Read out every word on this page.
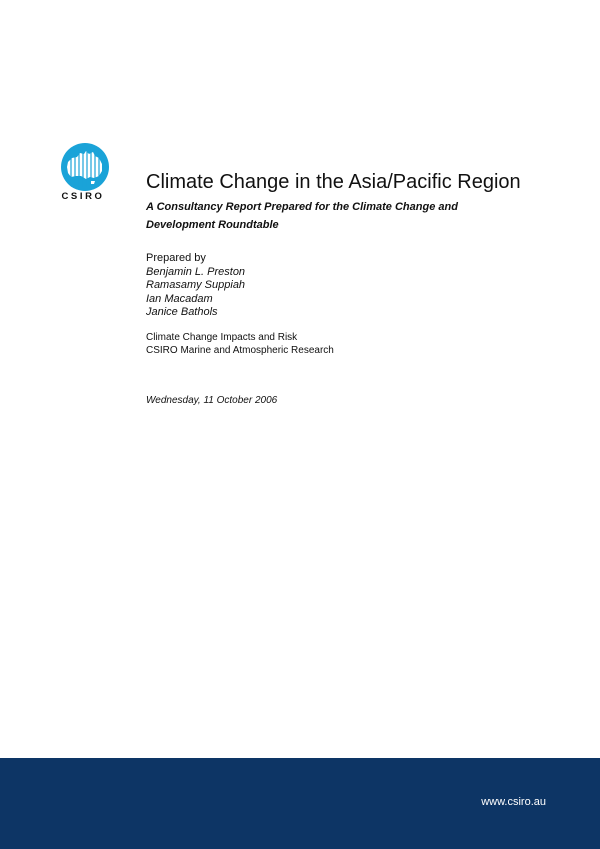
CSIRO
Climate Change in the Asia/Pacific Region

A Consultancy Report Prepared for the Climate Change and Development Roundtable

Prepared by
Benjamin L. Preston
Ramasamy Suppiah
Ian Macadam
Janice Bathols
Climate Change Impacts and Risk
CSIRO Marine and Atmospheric Research
Wednesday, 11 October 2006
www.csiro.au
